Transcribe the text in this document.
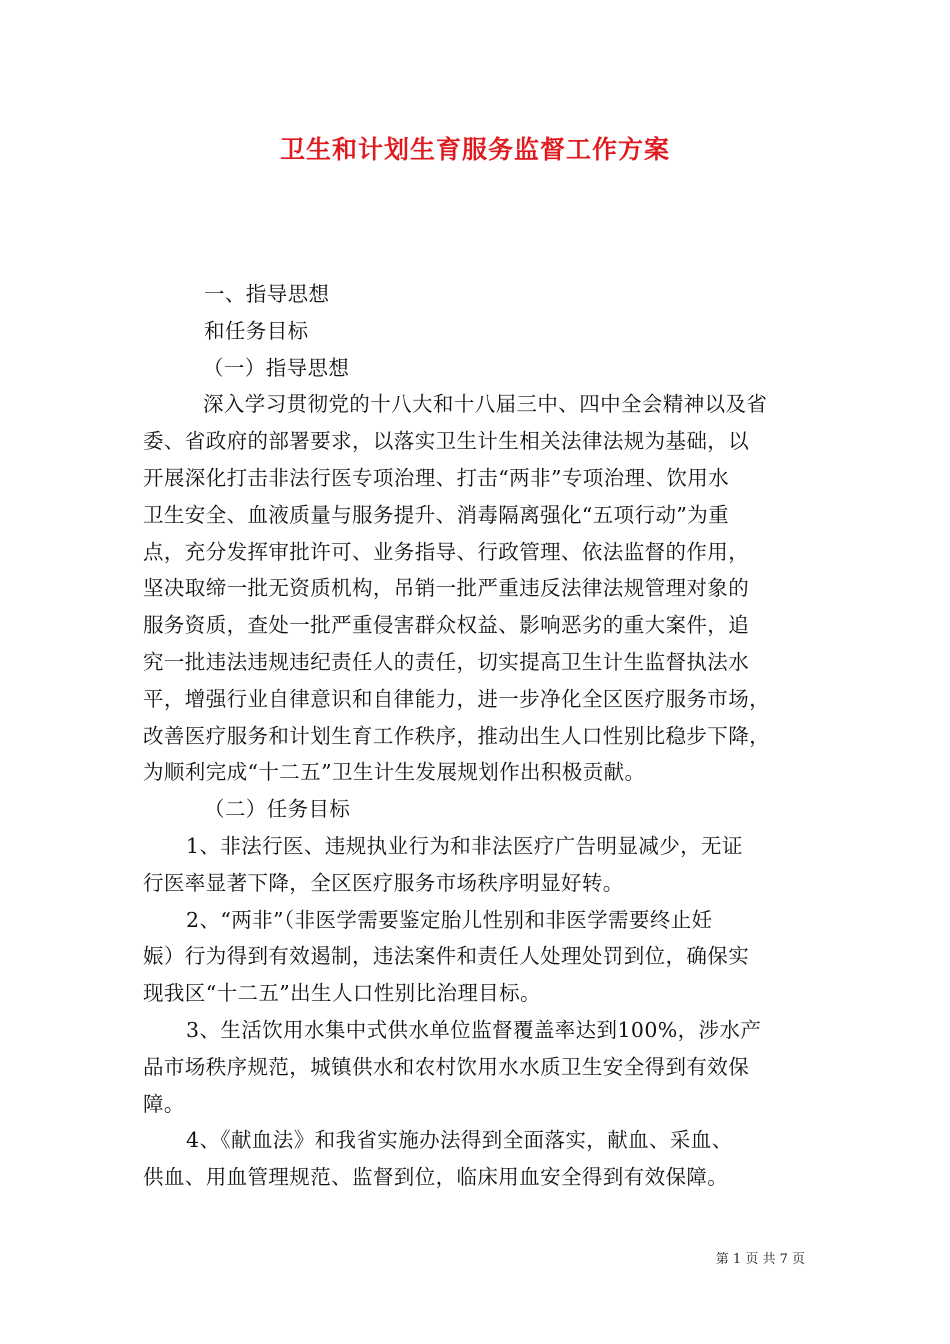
卫生和计划生育服务监督工作方案
一、指导思想
和任务目标
（一）指导思想
深入学习贯彻党的十八大和十八届三中、四中全会精神以及省
委、省政府的部署要求，以落实卫生计生相关法律法规为基础，以
开展深化打击非法行医专项治理、打击“两非”专项治理、饮用水
卫生安全、血液质量与服务提升、消毒隔离强化“五项行动”为重
点，充分发挥审批许可、业务指导、行政管理、依法监督的作用，
坚决取缔一批无资质机构，吊销一批严重违反法律法规管理对象的
服务资质，查处一批严重侵害群众权益、影响恶劣的重大案件，追
究一批违法违规违纪责任人的责任，切实提高卫生计生监督执法水
平，增强行业自律意识和自律能力，进一步净化全区医疗服务市场，
改善医疗服务和计划生育工作秩序，推动出生人口性别比稳步下降，
为顺利完成“十二五”卫生计生发展规划作出积极贡献。
（二）任务目标
1、非法行医、违规执业行为和非法医疗广告明显减少，无证
行医率显著下降，全区医疗服务市场秩序明显好转。
2、“两非”（非医学需要鉴定胎儿性别和非医学需要终止妊
娠）行为得到有效遏制，违法案件和责任人处理处罚到位，确保实
现我区“十二五”出生人口性别比治理目标。
3、生活饮用水集中式供水单位监督覆盖率达到100%，涉水产
品市场秩序规范，城镇供水和农村饮用水水质卫生安全得到有效保
障。
4、《献血法》和我省实施办法得到全面落实，献血、采血、
供血、用血管理规范、监督到位，临床用血安全得到有效保障。
第 1 页 共 7 页
